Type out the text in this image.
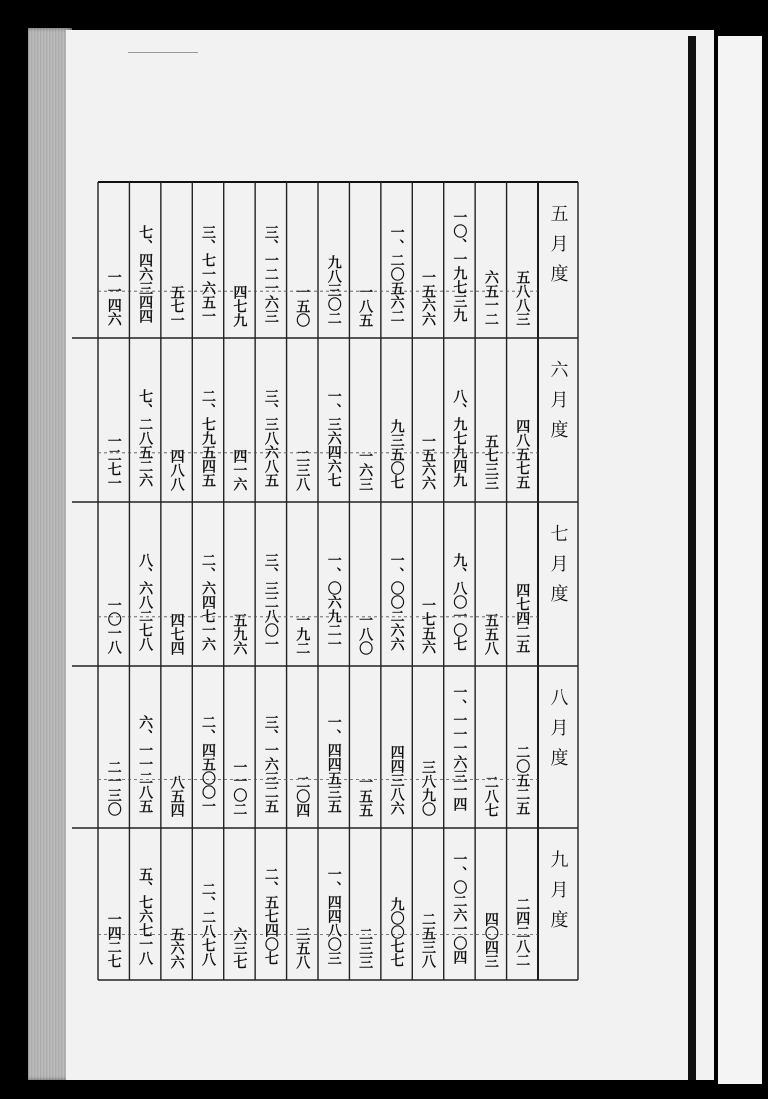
五月度
六月度
七月度
八月度
九月度
五八八三
四八五七五
四七四二五
二〇五二五
二四二八二
六五一二
五七三三
五五八
二八七
四〇四三
一〇、一九七三九
八、九七九四九
九、八〇一〇七
一、一一一六三一四
一、〇二六一〇四
一五六六
一五六六
一七五六
三八九〇
二五三八
一、二〇五六二
九三五〇七
一、〇〇二六六
四四三八六
九〇〇七七
一八五
一六三
一八〇
一五五
二三三
九八三〇二
一、三六四六七
一、〇六九二一
一、四四五三五
一、四四八〇三
一五〇
二三八
一九二
二〇四
三五八
三、一二一六三
三、三八六八五
三、三二八〇一
三、一六三二五
二、五七四〇七
四七九
四一六
五九六
一一〇二
六三七
三、七一六五一
二、七九五四五
二、六四七一六
二、四五〇〇一
二、二八七八
五七一
四八八
四七四
八五四
五六六
七、四六三四四
七、二八五二六
八、六八二七八
六、一一二八五
五、七六七一八
一一四六
一二七一
一〇一八
二一三〇
一四二七
